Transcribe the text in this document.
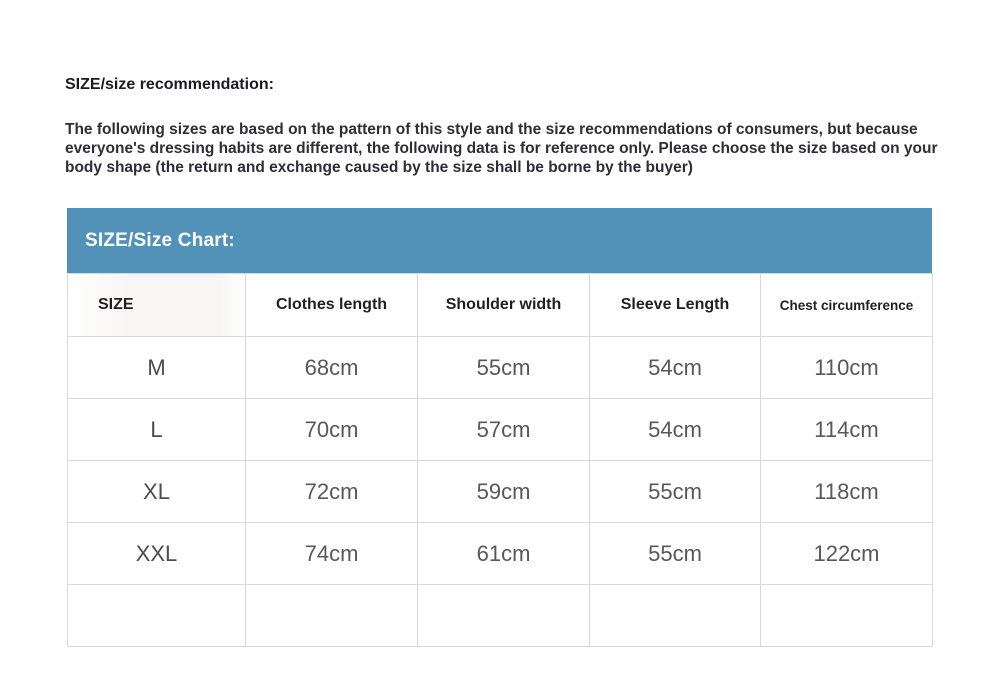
SIZE/size recommendation:
The following sizes are based on the pattern of this style and the size recommendations of consumers, but because everyone's dressing habits are different, the following data is for reference only. Please choose the size based on your body shape (the return and exchange caused by the size shall be borne by the buyer)
SIZE/Size Chart:
SIZE	Clothes length	Shoulder width	Sleeve Length	Chest circumference
M	68cm	55cm	54cm	110cm
L	70cm	57cm	54cm	114cm
XL	72cm	59cm	55cm	118cm
XXL	74cm	61cm	55cm	122cm
